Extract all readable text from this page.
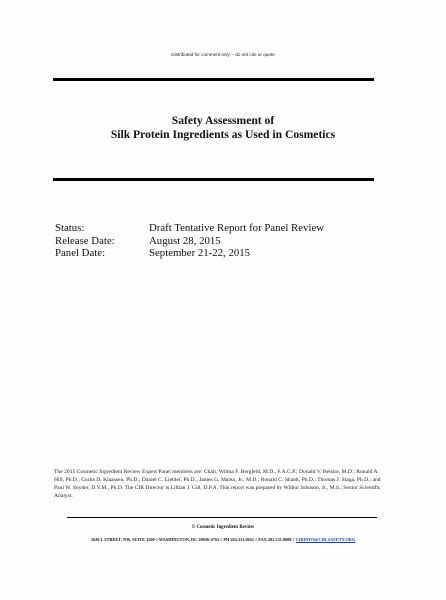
Distributed for comment only -- do not cite or quote
Safety Assessment of
Silk Protein Ingredients as Used in Cosmetics
Status:	Draft Tentative Report for Panel Review
Release Date:	August 28, 2015
Panel Date:	September 21-22, 2015
The 2015 Cosmetic Ingredient Review Expert Panel members are: Chair, Wilma F. Bergfeld, M.D., F.A.C.P.; Donald V. Belsito, M.D.; Ronald A. Hill, Ph.D.; Curtis D. Klaassen, Ph.D.; Daniel C. Liebler, Ph.D.; James G. Marks, Jr., M.D.; Ronald C. Shank, Ph.D.; Thomas J. Slaga, Ph.D.; and Paul W. Snyder, D.V.M., Ph.D. The CIR Director is Lillian J. Gill, D.P.A. This report was prepared by Wilbur Johnson, Jr., M.S., Senior Scientific Analyst.
© Cosmetic Ingredient Review
1620 L STREET, NW, SUITE 1200 ◊ WASHINGTON, DC 20036-4702 ◊ PH 202.331.0651 ◊ FAX 202.331.0088 ◊ CIRINFO@CIR-SAFETY.ORG
